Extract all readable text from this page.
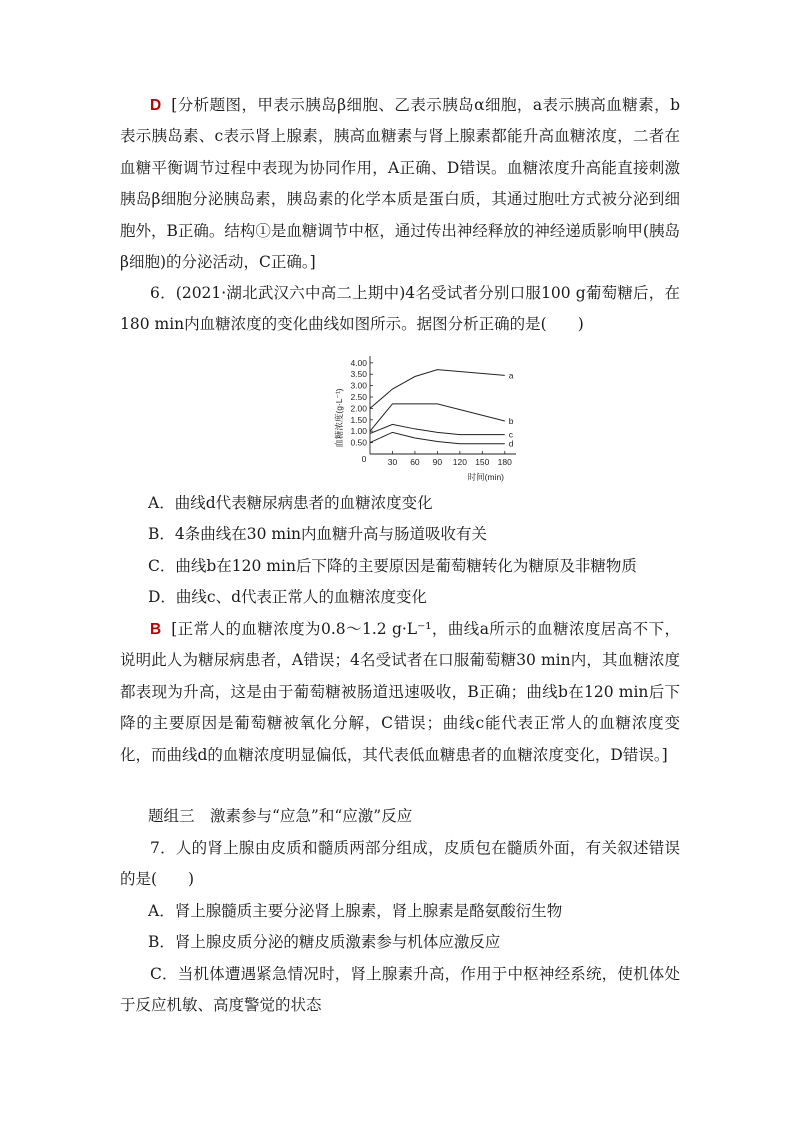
D [分析题图，甲表示胰岛β细胞、乙表示胰岛α细胞，a表示胰高血糖素，b表示胰岛素、c表示肾上腺素，胰高血糖素与肾上腺素都能升高血糖浓度，二者在血糖平衡调节过程中表现为协同作用，A正确、D错误。血糖浓度升高能直接刺激胰岛β细胞分泌胰岛素，胰岛素的化学本质是蛋白质，其通过胞吐方式被分泌到细胞外，B正确。结构①是血糖调节中枢，通过传出神经释放的神经递质影响甲(胰岛β细胞)的分泌活动，C正确。]

6．(2021·湖北武汉六中高二上期中)4名受试者分别口服100 g葡萄糖后，在180 min内血糖浓度的变化曲线如图所示。据图分析正确的是(　　)

4.00
3.50
3.00
2.50
2.00
1.50
1.00
0.50
30 60 90 120 150 180
a
b
c
d
血糖浓度(g·L⁻¹)
时间(min)
0

A．曲线d代表糖尿病患者的血糖浓度变化

B．4条曲线在30 min内血糖升高与肠道吸收有关

C．曲线b在120 min后下降的主要原因是葡萄糖转化为糖原及非糖物质

D．曲线c、d代表正常人的血糖浓度变化

B [正常人的血糖浓度为0.8～1.2 g·L⁻¹，曲线a所示的血糖浓度居高不下，说明此人为糖尿病患者，A错误；4名受试者在口服葡萄糖30 min内，其血糖浓度都表现为升高，这是由于葡萄糖被肠道迅速吸收，B正确；曲线b在120 min后下降的主要原因是葡萄糖被氧化分解，C错误；曲线c能代表正常人的血糖浓度变化，而曲线d的血糖浓度明显偏低，其代表低血糖患者的血糖浓度变化，D错误。]

题组三　激素参与“应急”和“应激”反应

7．人的肾上腺由皮质和髓质两部分组成，皮质包在髓质外面，有关叙述错误的是(　　)

A．肾上腺髓质主要分泌肾上腺素，肾上腺素是酪氨酸衍生物

B．肾上腺皮质分泌的糖皮质激素参与机体应激反应

C．当机体遭遇紧急情况时，肾上腺素升高，作用于中枢神经系统，使机体处于反应机敏、高度警觉的状态
